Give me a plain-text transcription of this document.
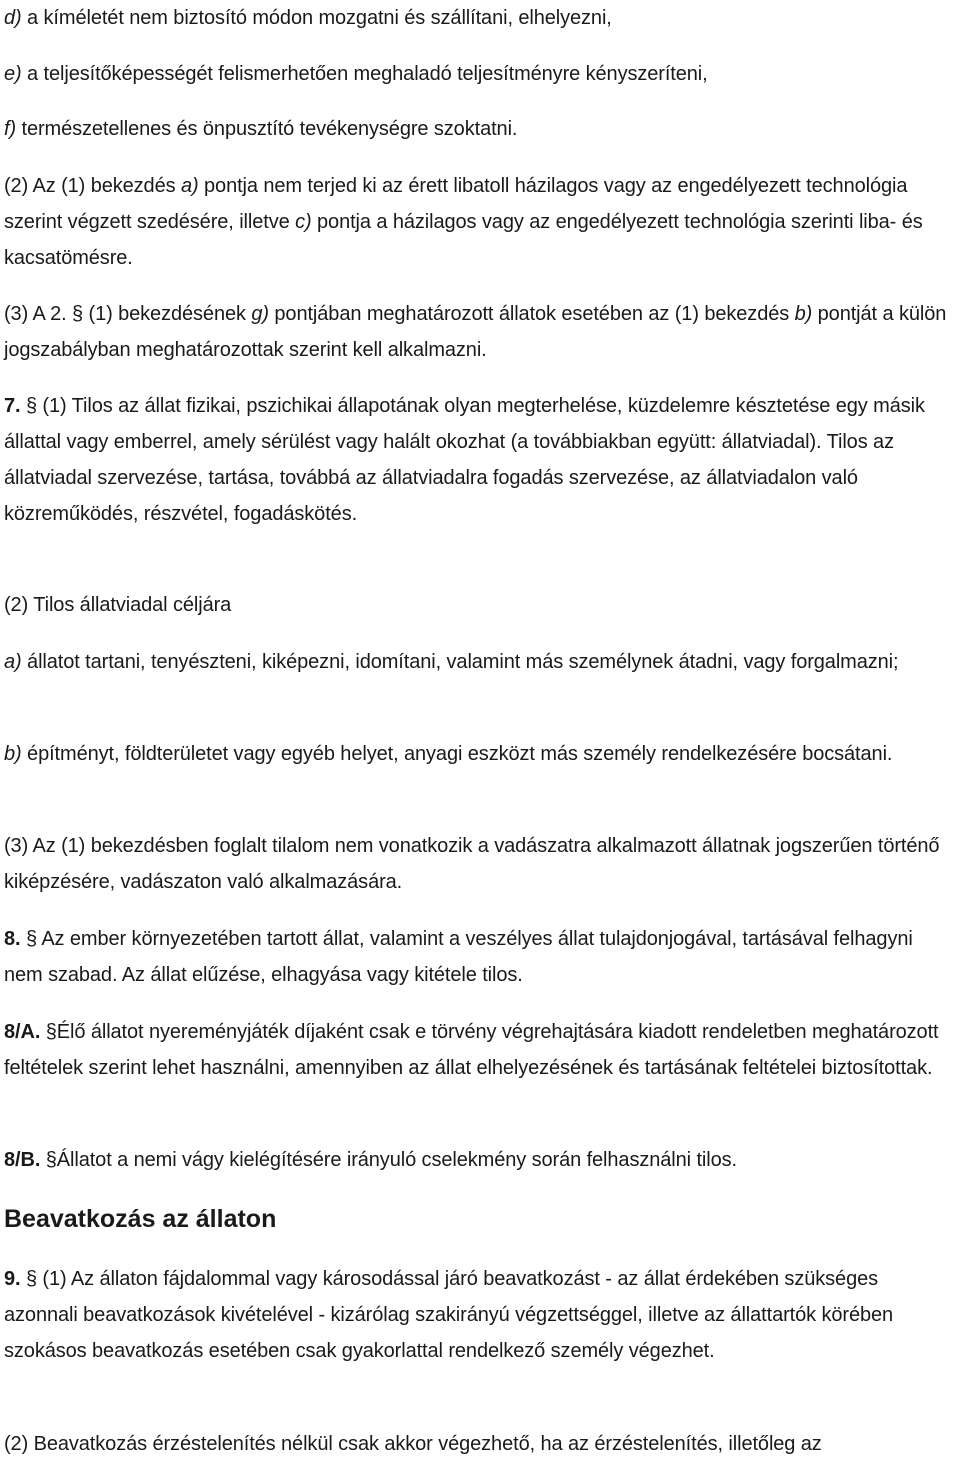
d) a kíméletét nem biztosító módon mozgatni és szállítani, elhelyezni,

e) a teljesítőképességét felismerhetően meghaladó teljesítményre kényszeríteni,

f) természetellenes és önpusztító tevékenységre szoktatni.

(2) Az (1) bekezdés a) pontja nem terjed ki az érett libatoll házilagos vagy az engedélyezett technológia szerint végzett szedésére, illetve c) pontja a házilagos vagy az engedélyezett technológia szerinti liba- és kacsatömésre.

(3) A 2. § (1) bekezdésének g) pontjában meghatározott állatok esetében az (1) bekezdés b) pontját a külön jogszabályban meghatározottak szerint kell alkalmazni.

7. § (1) Tilos az állat fizikai, pszichikai állapotának olyan megterhelése, küzdelemre késztetése egy másik állattal vagy emberrel, amely sérülést vagy halált okozhat (a továbbiakban együtt: állatviadal). Tilos az állatviadal szervezése, tartása, továbbá az állatviadalra fogadás szervezése, az állatviadalon való közreműködés, részvétel, fogadáskötés.

(2) Tilos állatviadal céljára

a) állatot tartani, tenyészteni, kiképezni, idomítani, valamint más személynek átadni, vagy forgalmazni;

b) építményt, földterületet vagy egyéb helyet, anyagi eszközt más személy rendelkezésére bocsátani.

(3) Az (1) bekezdésben foglalt tilalom nem vonatkozik a vadászatra alkalmazott állatnak jogszerűen történő kiképzésére, vadászaton való alkalmazására.

8. § Az ember környezetében tartott állat, valamint a veszélyes állat tulajdonjogával, tartásával felhagyni nem szabad. Az állat elűzése, elhagyása vagy kitétele tilos.

8/A. §Élő állatot nyereményjáték díjaként csak e törvény végrehajtására kiadott rendeletben meghatározott feltételek szerint lehet használni, amennyiben az állat elhelyezésének és tartásának feltételei biztosítottak.

8/B. §Állatot a nemi vágy kielégítésére irányuló cselekmény során felhasználni tilos.

Beavatkozás az állaton

9. § (1) Az állaton fájdalommal vagy károsodással járó beavatkozást - az állat érdekében szükséges azonnali beavatkozások kivételével - kizárólag szakirányú végzettséggel, illetve az állattartók körében szokásos beavatkozás esetében csak gyakorlattal rendelkező személy végezhet.

(2) Beavatkozás érzéstelenítés nélkül csak akkor végezhető, ha az érzéstelenítés, illetőleg az
